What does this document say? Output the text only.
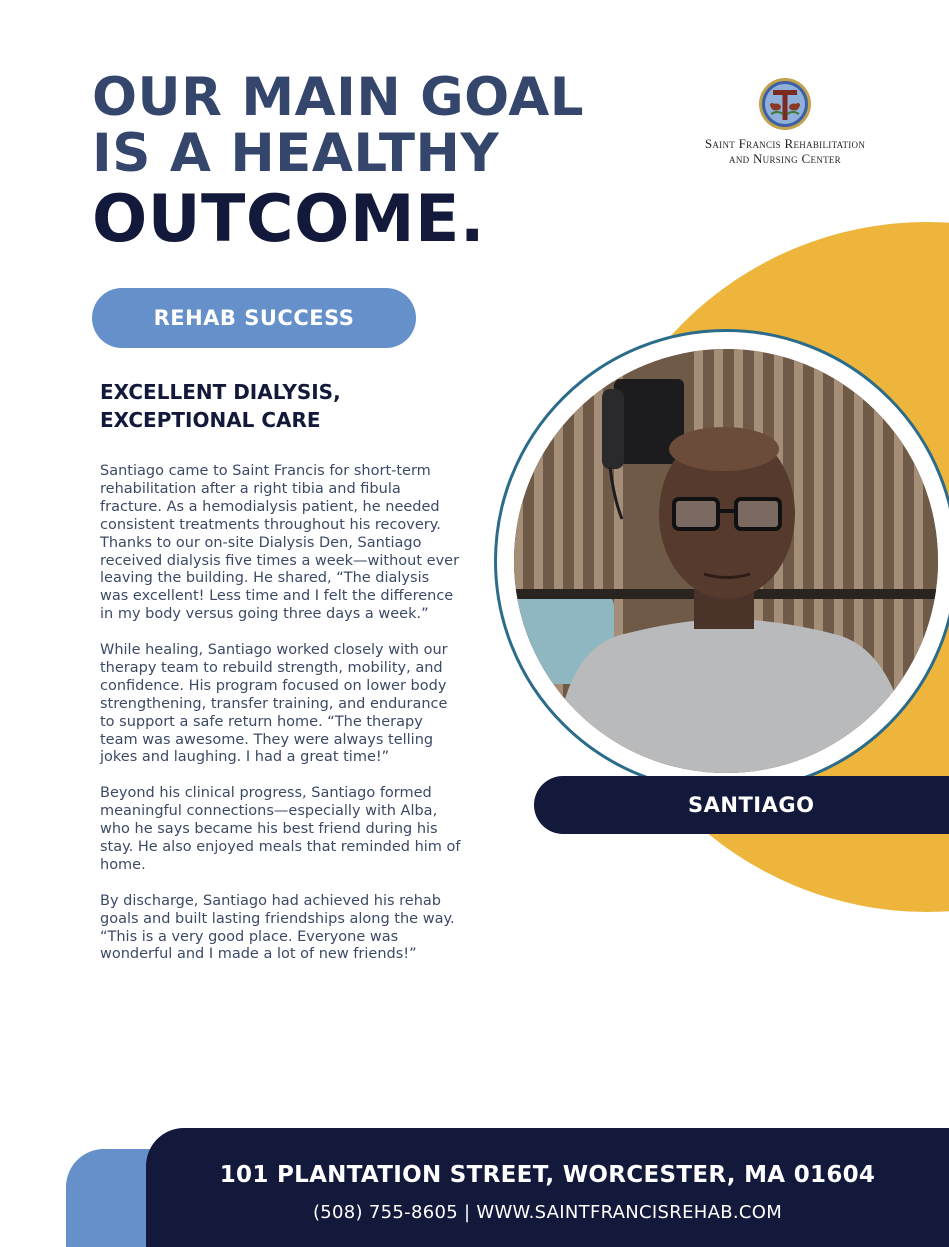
OUR MAIN GOAL
IS A HEALTHY
OUTCOME.
Saint Francis Rehabilitation
and Nursing Center
SANTIAGO
REHAB SUCCESS
EXCELLENT DIALYSIS,
EXCEPTIONAL CARE

Santiago came to Saint Francis for short-term rehabilitation after a right tibia and fibula fracture. As a hemodialysis patient, he needed consistent treatments throughout his recovery. Thanks to our on-site Dialysis Den, Santiago received dialysis five times a week—without ever leaving the building. He shared, “The dialysis was excellent! Less time and I felt the difference in my body versus going three days a week.”

While healing, Santiago worked closely with our therapy team to rebuild strength, mobility, and confidence. His program focused on lower body strengthening, transfer training, and endurance to support a safe return home. “The therapy team was awesome. They were always telling jokes and laughing. I had a great time!”

Beyond his clinical progress, Santiago formed meaningful connections—especially with Alba, who he says became his best friend during his stay. He also enjoyed meals that reminded him of home.

By discharge, Santiago had achieved his rehab goals and built lasting friendships along the way. “This is a very good place. Everyone was wonderful and I made a lot of new friends!”

101 PLANTATION STREET, WORCESTER, MA 01604
(508) 755-8605 | WWW.SAINTFRANCISREHAB.COM
